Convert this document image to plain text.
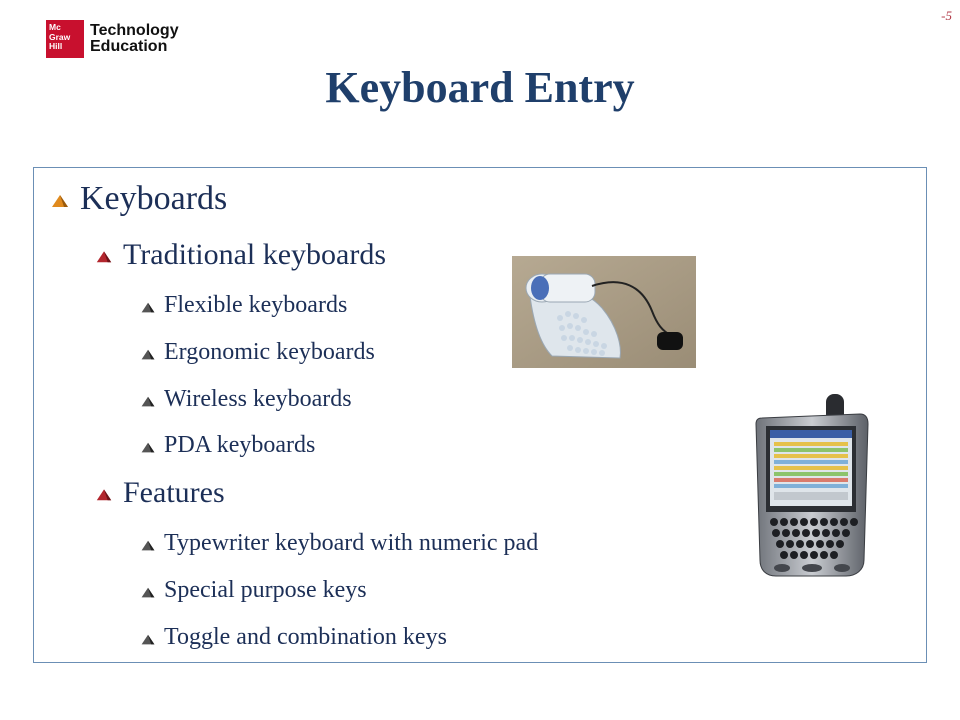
Mc
Graw
Hill
Technology
Education
-5
Keyboard Entry
Keyboards
Traditional keyboards
Flexible keyboards
Ergonomic keyboards
Wireless keyboards
PDA keyboards
Features
Typewriter keyboard with numeric pad
Special purpose keys
Toggle and combination keys
